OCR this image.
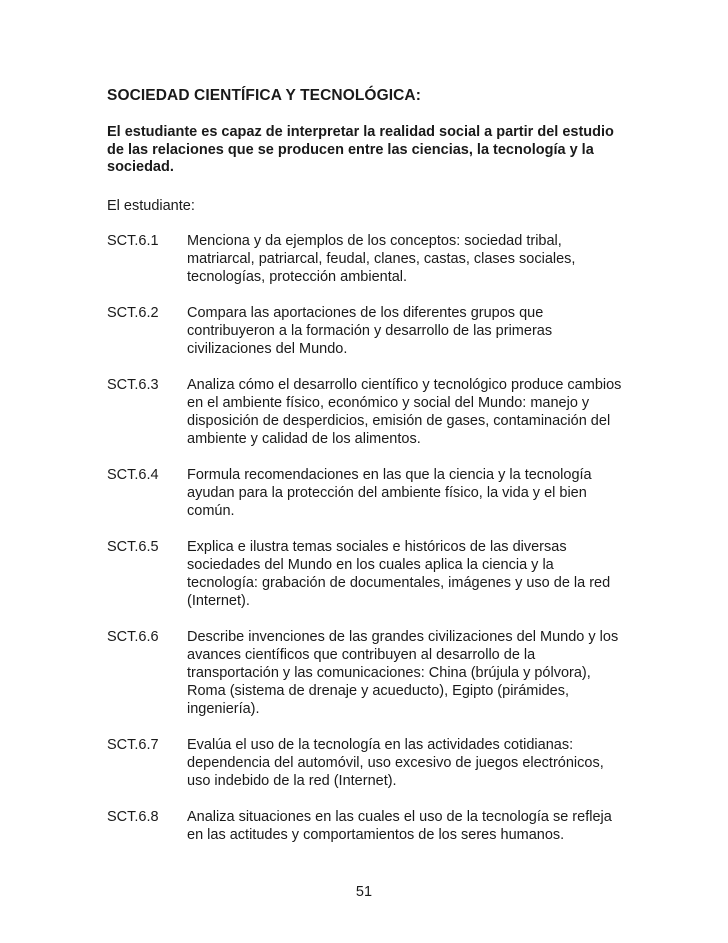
SOCIEDAD CIENTÍFICA Y TECNOLÓGICA:

El estudiante es capaz de interpretar la realidad social a partir del estudio de las relaciones que se producen entre las ciencias, la tecnología y la sociedad.

El estudiante:

SCT.6.1	Menciona y da ejemplos de los conceptos: sociedad tribal, matriarcal, patriarcal, feudal, clanes, castas, clases sociales, tecnologías, protección ambiental.
SCT.6.2	Compara las aportaciones de los diferentes grupos que contribuyeron a la formación y desarrollo de las primeras civilizaciones del Mundo.
SCT.6.3	Analiza cómo el desarrollo científico y tecnológico produce cambios en el ambiente físico, económico y social del Mundo: manejo y disposición de desperdicios, emisión de gases, contaminación del ambiente y calidad de los alimentos.
SCT.6.4	Formula recomendaciones en las que la ciencia y la tecnología ayudan para la protección del ambiente físico, la vida y el bien común.
SCT.6.5	Explica e ilustra temas sociales e históricos de las diversas sociedades del Mundo en los cuales aplica la ciencia y la tecnología: grabación de documentales, imágenes y uso de la red (Internet).
SCT.6.6	Describe invenciones de las grandes civilizaciones del Mundo y los avances científicos que contribuyen al desarrollo de la transportación y las comunicaciones: China (brújula y pólvora), Roma (sistema de drenaje y acueducto), Egipto (pirámides, ingeniería).
SCT.6.7	Evalúa el uso de la tecnología en las actividades cotidianas: dependencia del automóvil, uso excesivo de juegos electrónicos, uso indebido de la red (Internet).
SCT.6.8	Analiza situaciones en las cuales el uso de la tecnología se refleja en las actitudes y comportamientos de los seres humanos.
51
